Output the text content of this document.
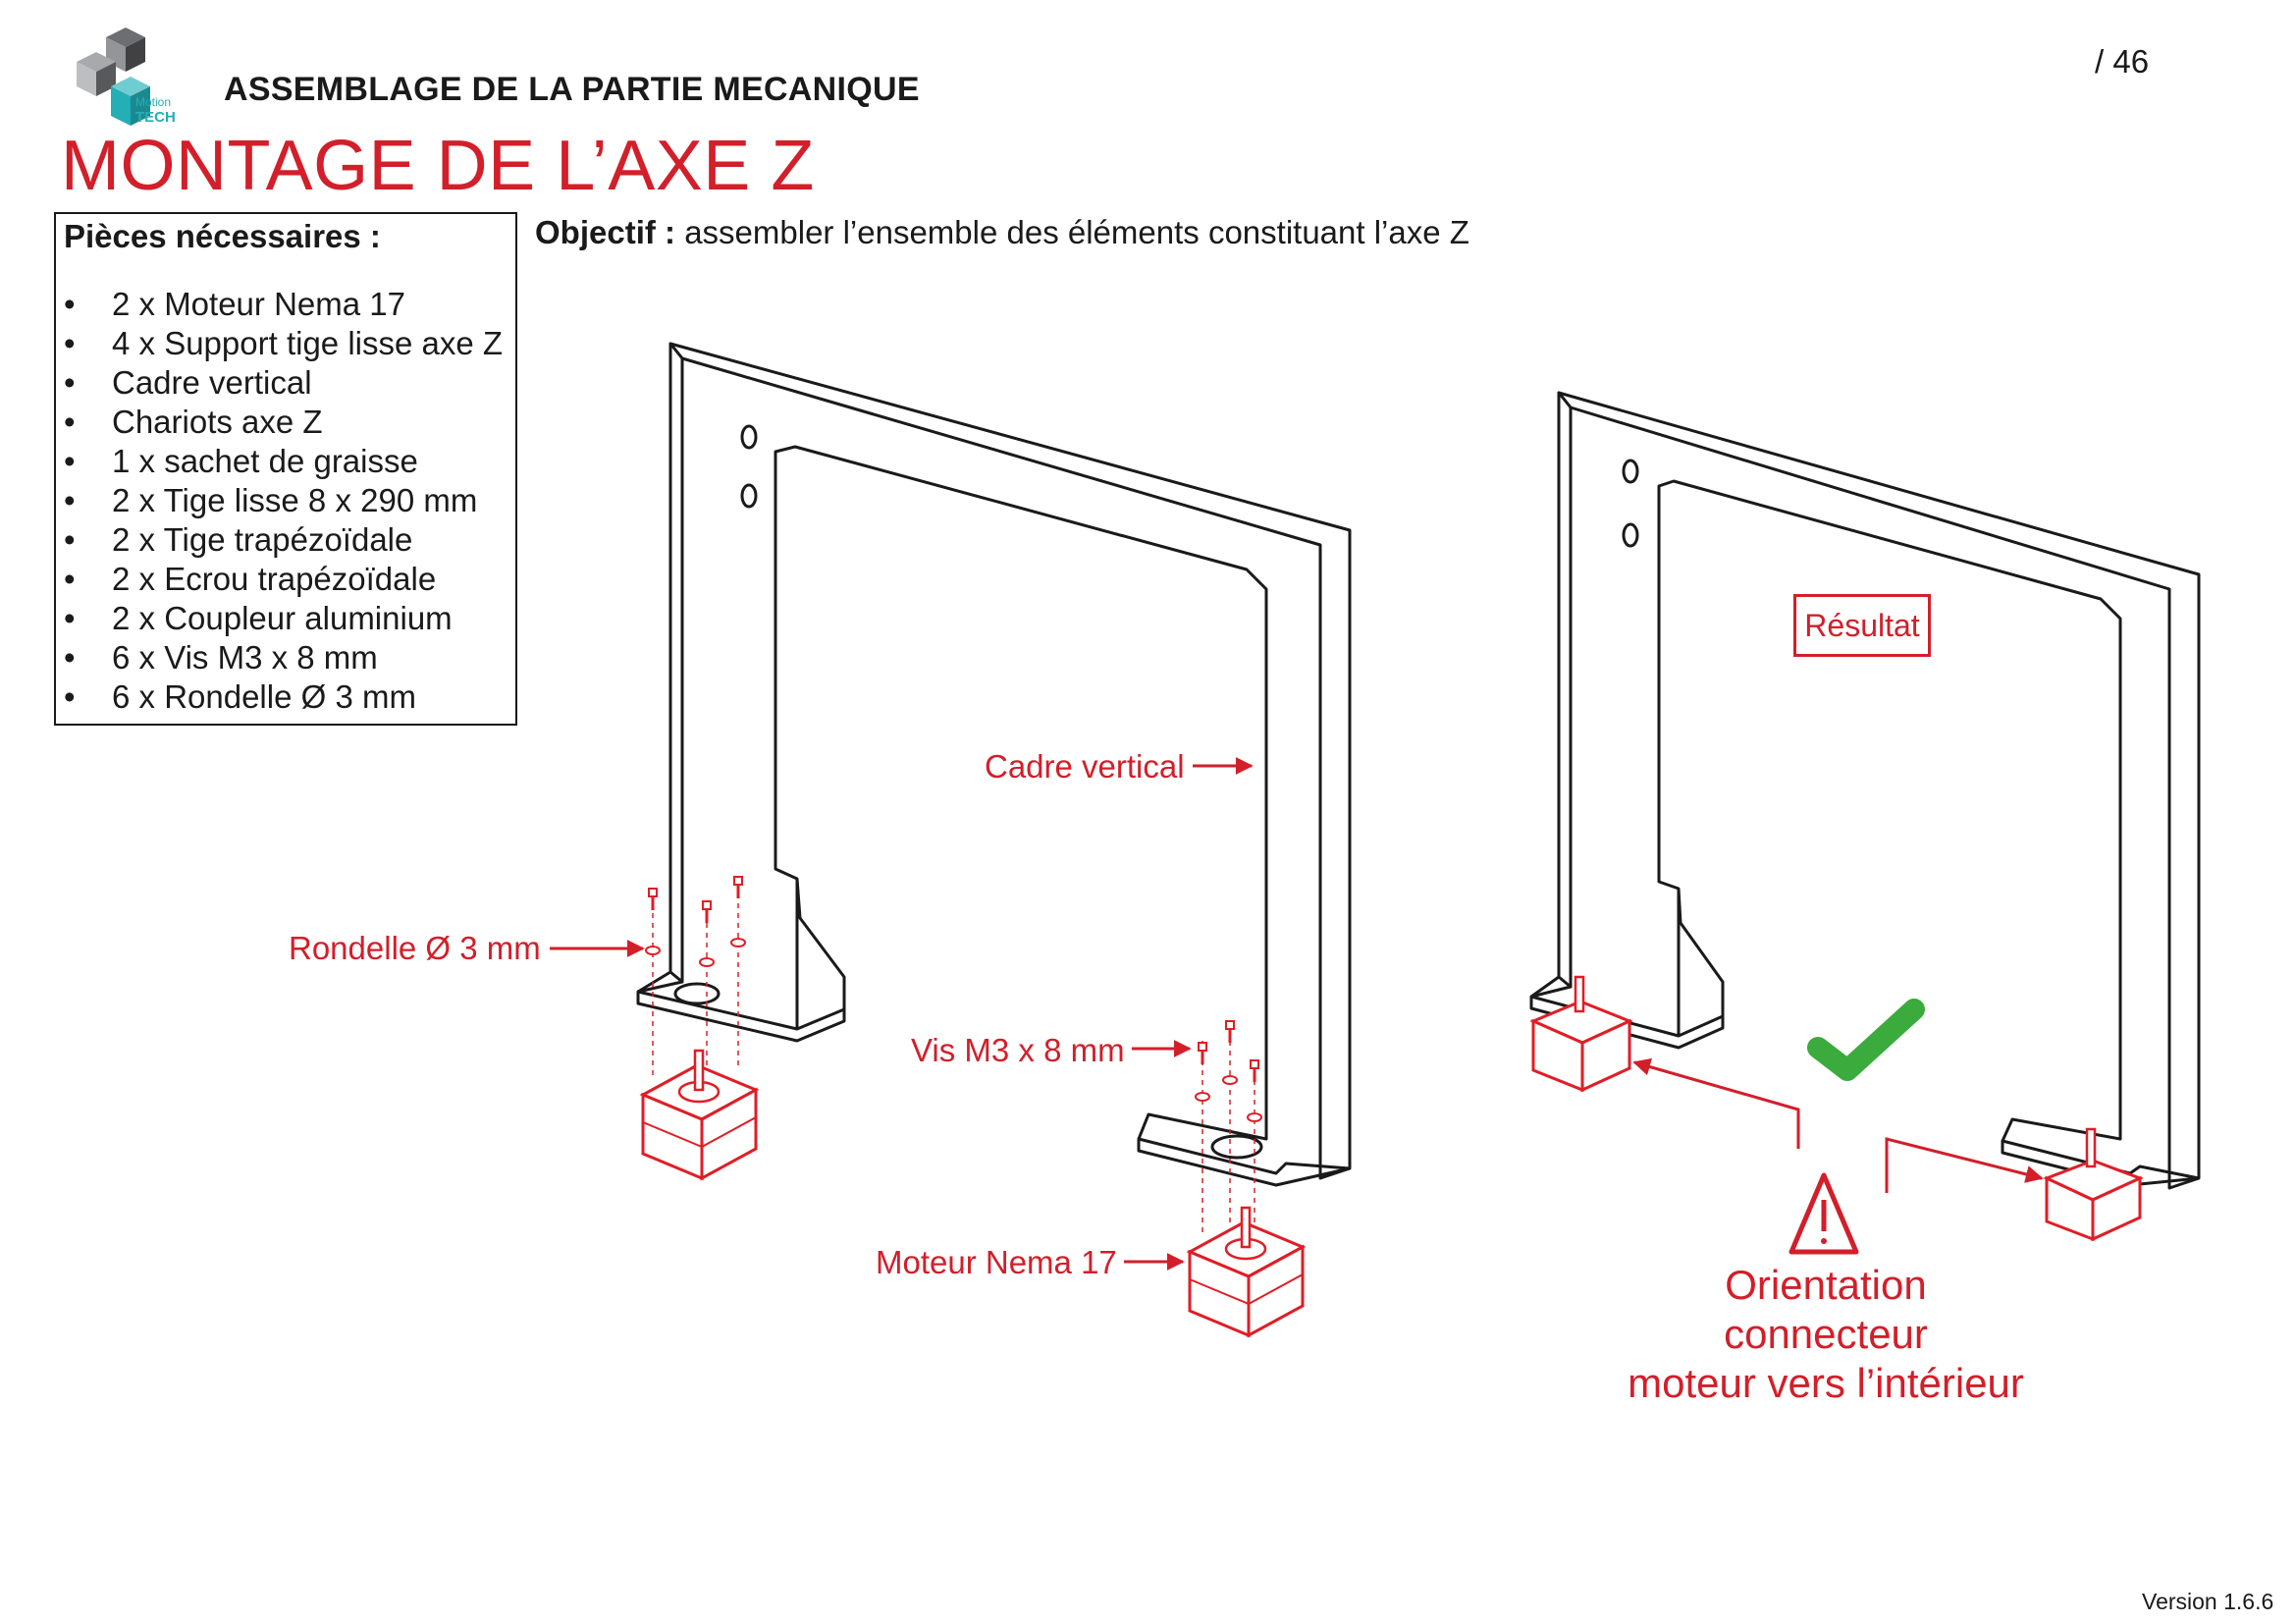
Motion
TECH
ASSEMBLAGE DE LA PARTIE MECANIQUE
/ 46
MONTAGE DE L’AXE Z
Pièces nécessaires :
• 2 x Moteur Nema 17
• 4 x Support tige lisse axe Z
• Cadre vertical
• Chariots axe Z
• 1 x sachet de graisse
• 2 x Tige lisse 8 x 290 mm
• 2 x Tige trapézoïdale
• 2 x Ecrou trapézoïdale
• 2 x Coupleur aluminium
• 6 x Vis M3 x 8 mm
• 6 x Rondelle Ø 3 mm
Objectif : assembler l’ensemble des éléments constituant l’axe Z
Cadre vertical
Rondelle Ø 3 mm
Vis M3 x 8 mm
Moteur Nema 17
Résultat
Orientation
connecteur
moteur vers l’intérieur
Version 1.6.6
